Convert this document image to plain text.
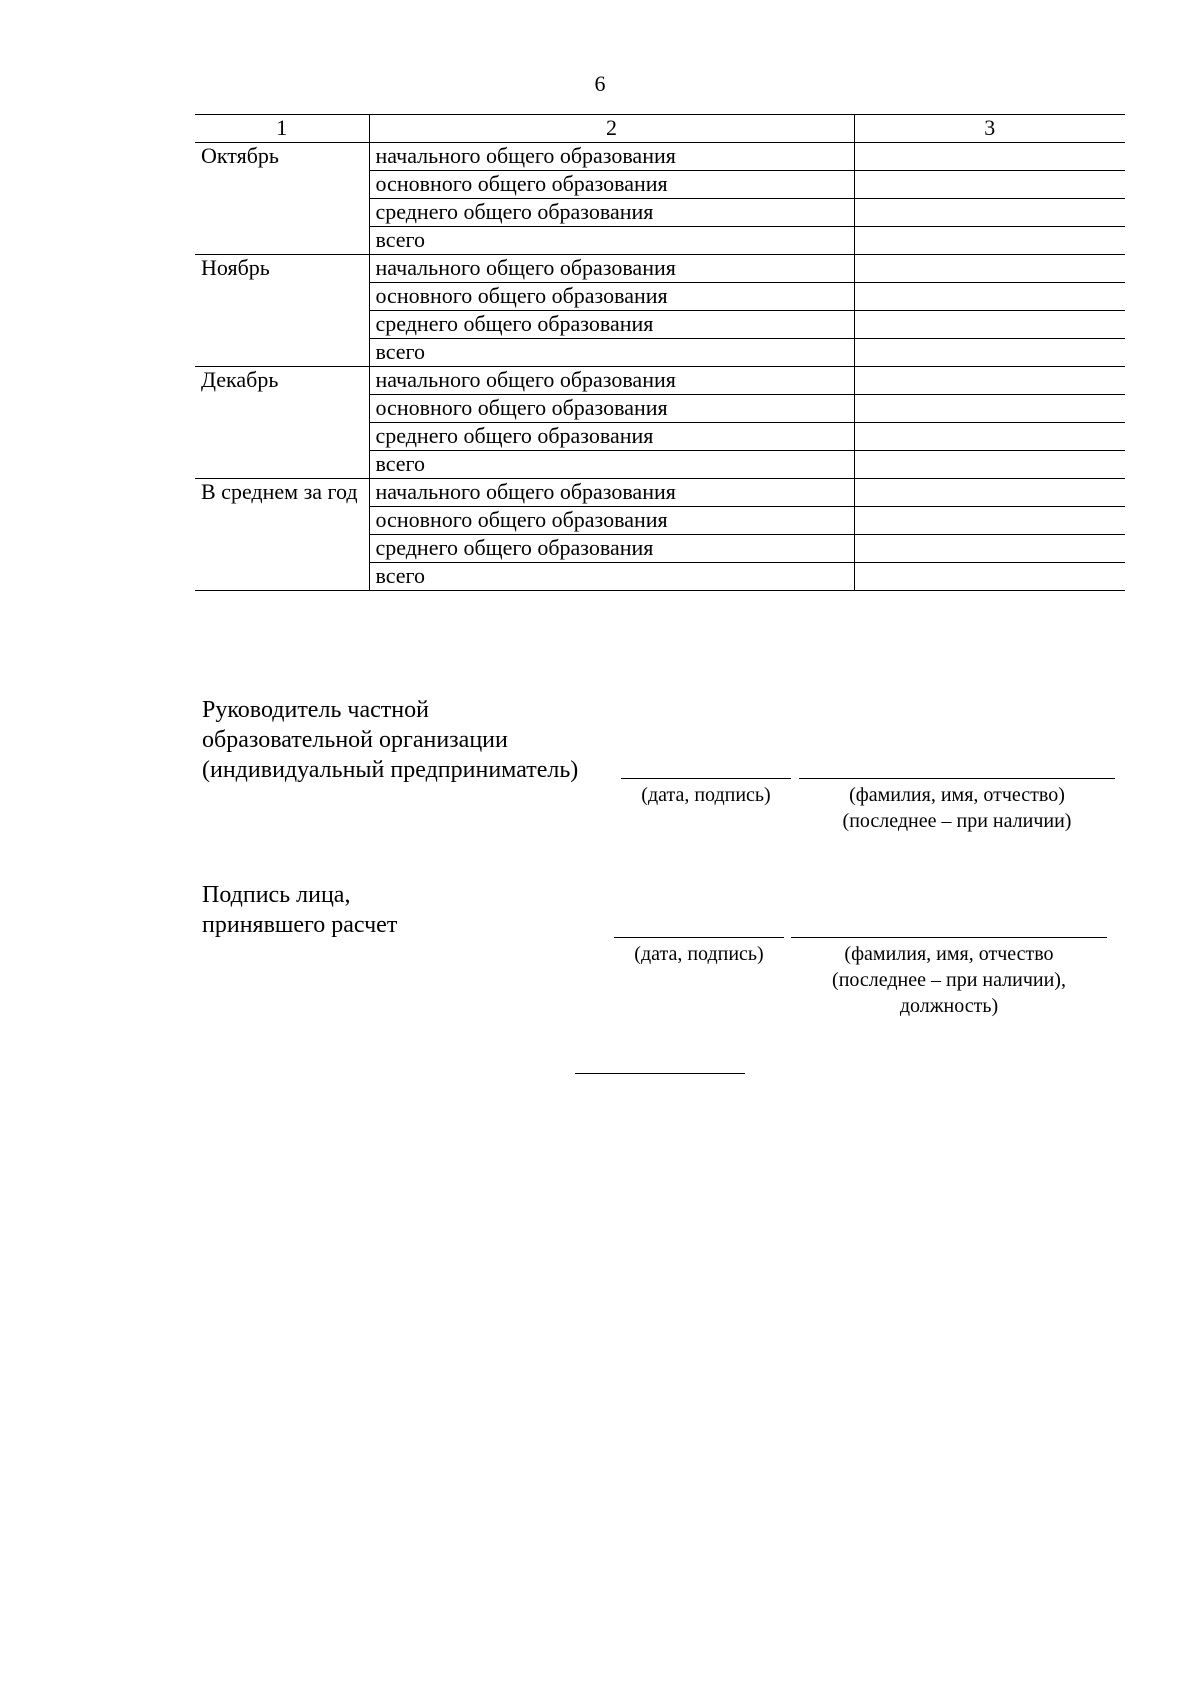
6
1	2	3
Октябрь	начального общего образования	
	основного общего образования	
	среднего общего образования	
	всего	
Ноябрь	начального общего образования	
	основного общего образования	
	среднего общего образования	
	всего	
Декабрь	начального общего образования	
	основного общего образования	
	среднего общего образования	
	всего	
В среднем за год	начального общего образования	
	основного общего образования	
	среднего общего образования	
	всего	
Руководитель частной
образовательной организации
(индивидуальный предприниматель)
(дата, подпись)	(фамилия, имя, отчество)
(последнее – при наличии)
Подпись лица,
принявшего расчет
(дата, подпись)	(фамилия, имя, отчество
(последнее – при наличии),
должность)
